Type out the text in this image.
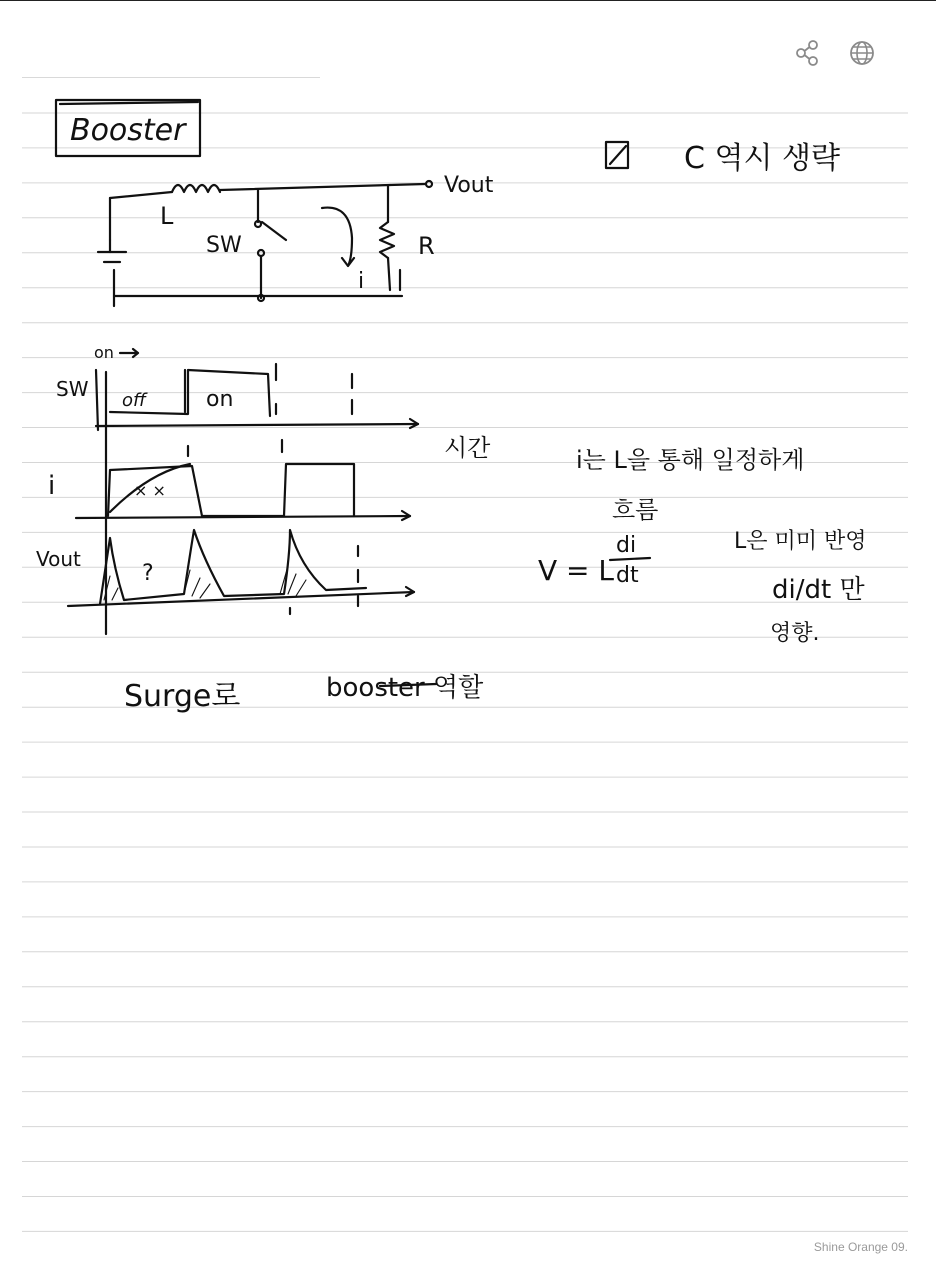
Booster
Vout
L
SW	R
i
C 역시 생략
on
SW off	on
시간
i	× ×
Vout
?
i는 L을 통해 일정하게
흐름
V = L
di
dt
L은 미미 반영
di/dt 만
영향.
Surge로	booster 역할
Shine Orange 09.
